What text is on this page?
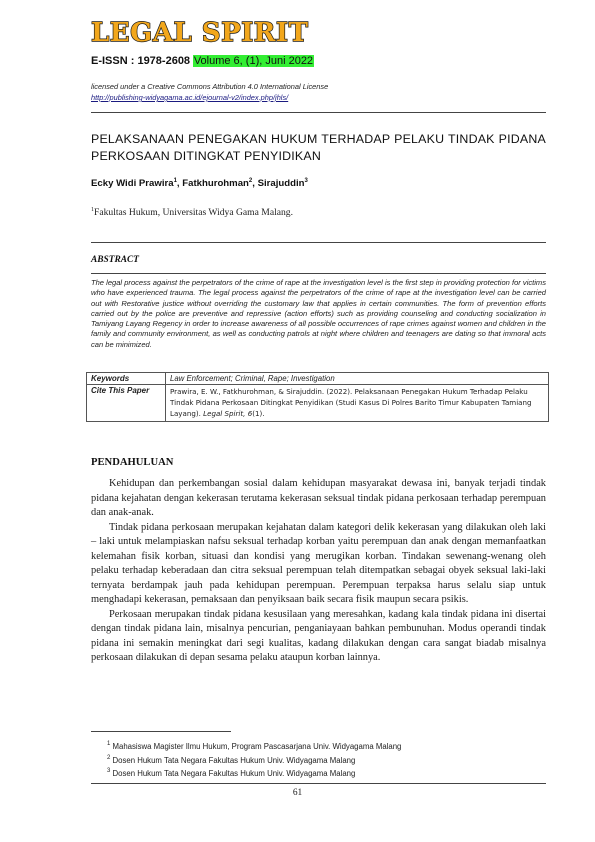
LEGAL SPIRIT
E-ISSN : 1978-2608 Volume 6, (1), Juni 2022
licensed under a Creative Commons Attribution 4.0 International License
http://publishing-widyagama.ac.id/ejournal-v2/index.php/jhls/
PELAKSANAAN PENEGAKAN HUKUM TERHADAP PELAKU TINDAK PIDANA PERKOSAAN DITINGKAT PENYIDIKAN
Ecky Widi Prawira$^1$, Fatkhurohman$^2$, Sirajuddin$^3$
$^1$Fakultas Hukum, Universitas Widya Gama Malang.
ABSTRACT
The legal process against the perpetrators of the crime of rape at the investigation level is the first step in providing protection for victims who have experienced trauma. The legal process against the perpetrators of the crime of rape at the investigation level can be carried out with Restorative justice without overriding the customary law that applies in certain communities. The form of prevention efforts carried out by the police are preventive and repressive (action efforts) such as providing counseling and conducting socialization in Tamiyang Layang Regency in order to increase awareness of all possible occurrences of rape crimes against women and children in the family and community environment, as well as conducting patrols at night where children and teenagers are dating so that immoral acts can be minimized.
Keywords	Law Enforcement; Criminal, Rape; Investigation
Cite This Paper	Prawira, E. W., Fatkhurohman, & Sirajuddin. (2022). Pelaksanaan Penegakan Hukum Terhadap Pelaku Tindak Pidana Perkosaan Ditingkat Penyidikan (Studi Kasus Di Polres Barito Timur Kabupaten Tamiang Layang). Legal Spirit, 6(1).
PENDAHULUAN

Kehidupan dan perkembangan sosial dalam kehidupan masyarakat dewasa ini, banyak terjadi tindak pidana kejahatan dengan kekerasan terutama kekerasan seksual tindak pidana perkosaan terhadap perempuan dan anak-anak.

Tindak pidana perkosaan merupakan kejahatan dalam kategori delik kekerasan yang dilakukan oleh laki – laki untuk melampiaskan nafsu seksual terhadap korban yaitu perempuan dan anak dengan memanfaatkan kelemahan fisik korban, situasi dan kondisi yang merugikan korban. Tindakan sewenang-wenang oleh pelaku terhadap keberadaan dan citra seksual perempuan telah ditempatkan sebagai obyek seksual laki-laki ternyata berdampak jauh pada kehidupan perempuan. Perempuan terpaksa harus selalu siap untuk menghadapi kekerasan, pemaksaan dan penyiksaan baik secara fisik maupun secara psikis.

Perkosaan merupakan tindak pidana kesusilaan yang meresahkan, kadang kala tindak pidana ini disertai dengan tindak pidana lain, misalnya pencurian, penganiayaan bahkan pembunuhan. Modus operandi tindak pidana ini semakin meningkat dari segi kualitas, kadang dilakukan dengan cara sangat biadab misalnya perkosaan dilakukan di depan sesama pelaku ataupun korban lainnya.

$^1$ Mahasiswa Magister Ilmu Hukum, Program Pascasarjana Univ. Widyagama Malang
$^2$ Dosen Hukum Tata Negara Fakultas Hukum Univ. Widyagama Malang
$^3$ Dosen Hukum Tata Negara Fakultas Hukum Univ. Widyagama Malang
61
